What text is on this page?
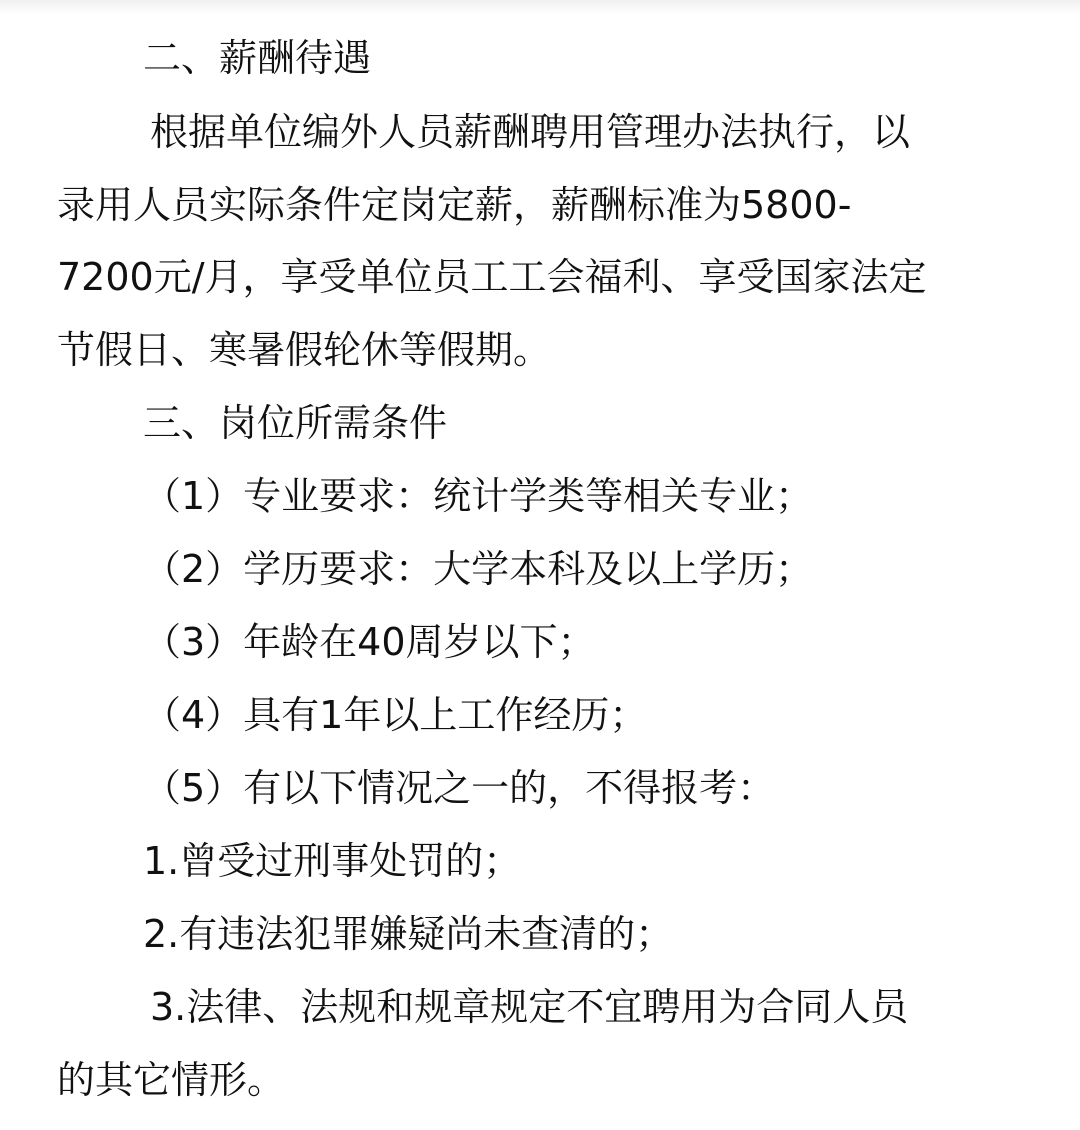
二、薪酬待遇
根据单位编外人员薪酬聘用管理办法执行，以
录用人员实际条件定岗定薪，薪酬标准为5800-
7200元/月，享受单位员工工会福利、享受国家法定
节假日、寒暑假轮休等假期。
三、岗位所需条件
（1）专业要求：统计学类等相关专业；
（2）学历要求：大学本科及以上学历；
（3）年龄在40周岁以下；
（4）具有1年以上工作经历；
（5）有以下情况之一的，不得报考：
1.曾受过刑事处罚的；
2.有违法犯罪嫌疑尚未查清的；
3.法律、法规和规章规定不宜聘用为合同人员
的其它情形。
